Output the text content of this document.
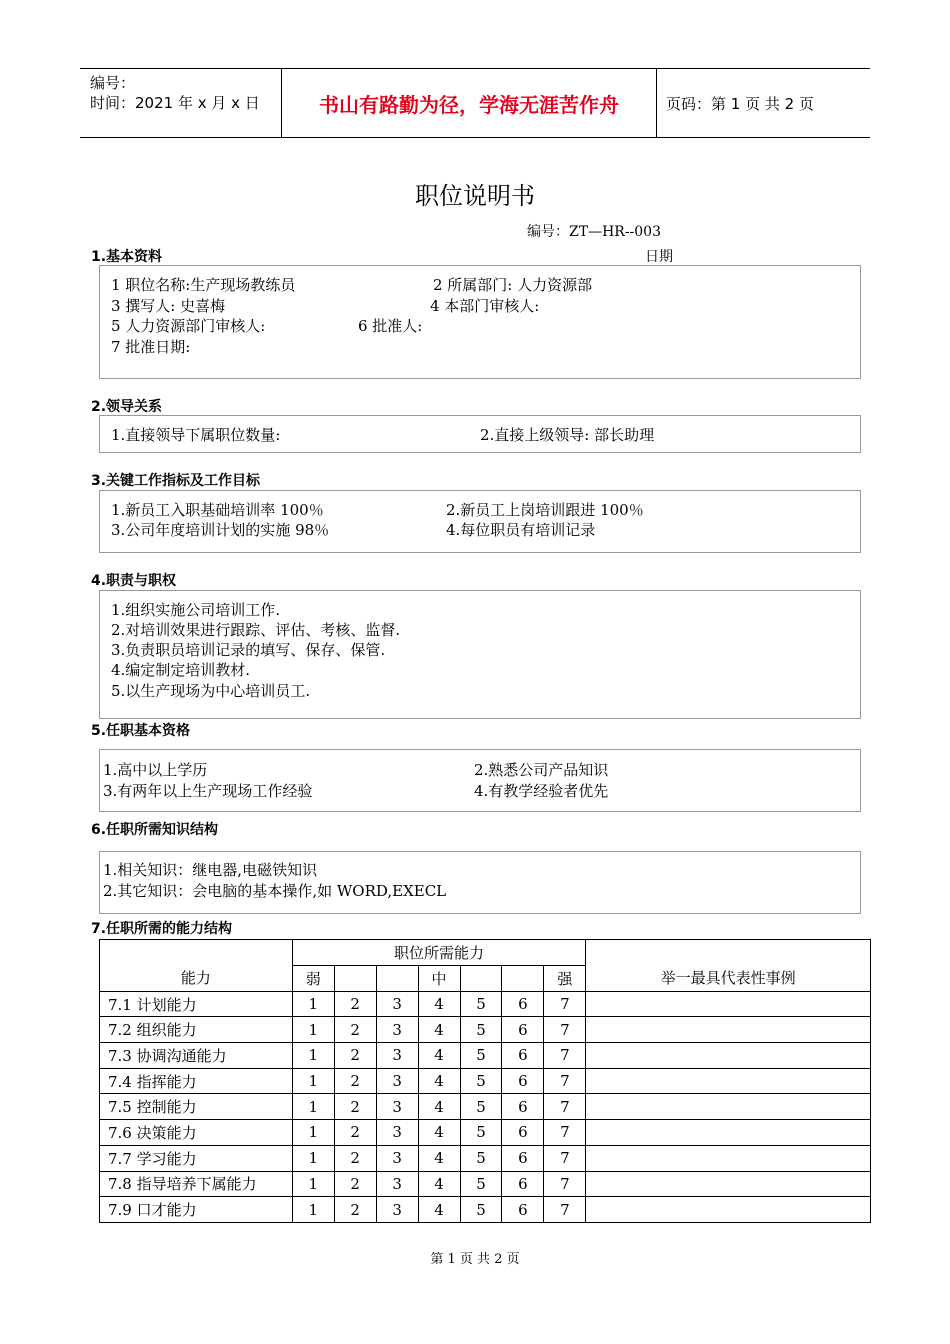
编号：
时间：2021 年 x 月 x 日	书山有路勤为径，学海无涯苦作舟	页码：第 1 页 共 2 页
职位说明书
编号：ZT—HR--003
日期
1.基本资料
1 职位名称:生产现场教练员	2 所属部门: 人力资源部
3 撰写人: 史喜梅	4 本部门审核人:
5 人力资源部门审核人:	6 批准人:
7 批准日期:
2.领导关系
1.直接领导下属职位数量:	2.直接上级领导: 部长助理
3.关键工作指标及工作目标
1.新员工入职基础培训率 100％	2.新员工上岗培训跟进 100％
3.公司年度培训计划的实施 98％	4.每位职员有培训记录
4.职责与职权
1.组织实施公司培训工作.
2.对培训效果进行跟踪、评估、考核、监督.
3.负责职员培训记录的填写、保存、保管.
4.编定制定培训教材.
5.以生产现场为中心培训员工.
5.任职基本资格
1.高中以上学历	2.熟悉公司产品知识
3.有两年以上生产现场工作经验	4.有教学经验者优先
6.任职所需知识结构
1.相关知识：继电器,电磁铁知识
2.其它知识：会电脑的基本操作,如 WORD,EXECL
7.任职所需的能力结构
能力	职位所需能力							举一最具代表性事例
	弱			中			强	
7.1 计划能力	1	2	3	4	5	6	7	
7.2 组织能力	1	2	3	4	5	6	7	
7.3 协调沟通能力	1	2	3	4	5	6	7	
7.4 指挥能力	1	2	3	4	5	6	7	
7.5 控制能力	1	2	3	4	5	6	7	
7.6 决策能力	1	2	3	4	5	6	7	
7.7 学习能力	1	2	3	4	5	6	7	
7.8 指导培养下属能力	1	2	3	4	5	6	7	
7.9 口才能力	1	2	3	4	5	6	7	
第 1 页 共 2 页
